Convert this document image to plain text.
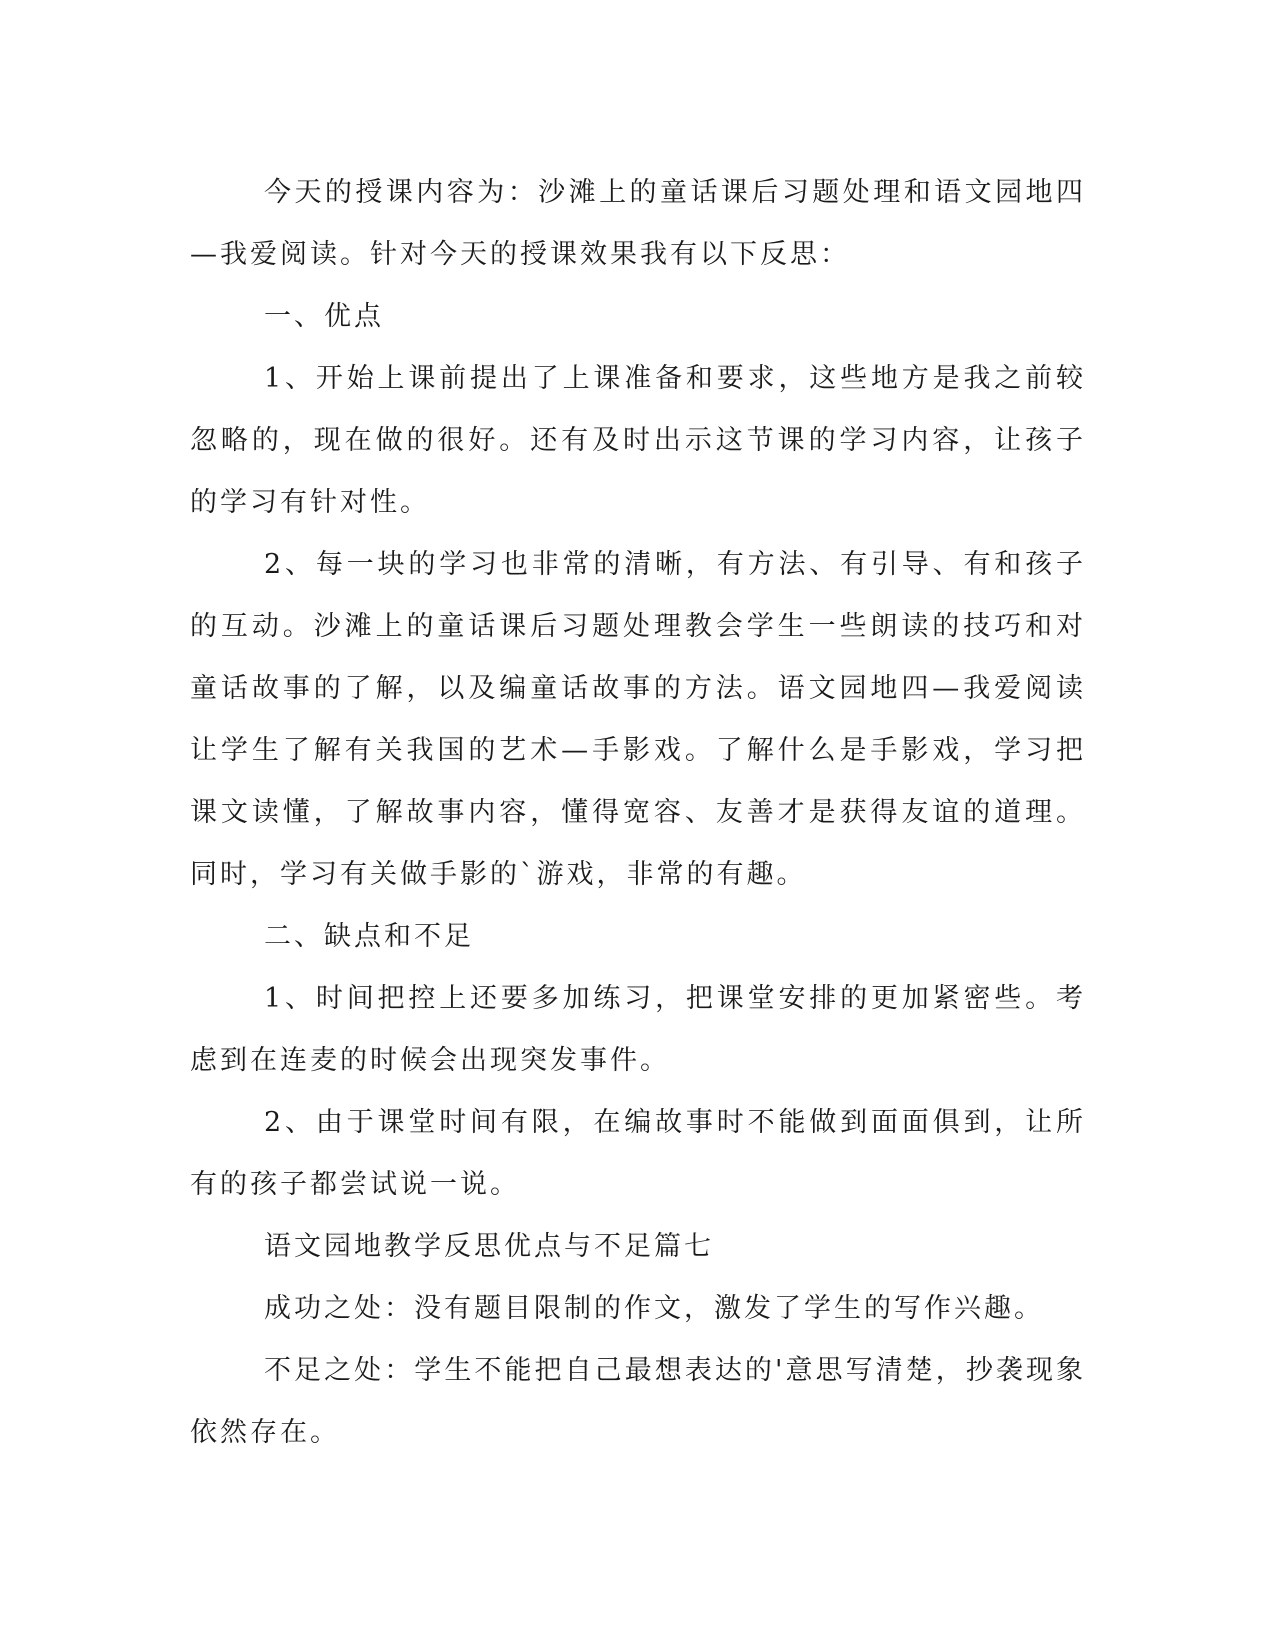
今天的授课内容为：沙滩上的童话课后习题处理和语文园地四—我爱阅读。针对今天的授课效果我有以下反思：

一、优点

1、开始上课前提出了上课准备和要求，这些地方是我之前较忽略的，现在做的很好。还有及时出示这节课的学习内容，让孩子的学习有针对性。

2、每一块的学习也非常的清晰，有方法、有引导、有和孩子的互动。沙滩上的童话课后习题处理教会学生一些朗读的技巧和对童话故事的了解，以及编童话故事的方法。语文园地四—我爱阅读让学生了解有关我国的艺术—手影戏。了解什么是手影戏，学习把课文读懂，了解故事内容，懂得宽容、友善才是获得友谊的道理。同时，学习有关做手影的`游戏，非常的有趣。

二、缺点和不足

1、时间把控上还要多加练习，把课堂安排的更加紧密些。考虑到在连麦的时候会出现突发事件。

2、由于课堂时间有限，在编故事时不能做到面面俱到，让所有的孩子都尝试说一说。

语文园地教学反思优点与不足篇七

成功之处：没有题目限制的作文，激发了学生的写作兴趣。

不足之处：学生不能把自己最想表达的'意思写清楚，抄袭现象依然存在。
